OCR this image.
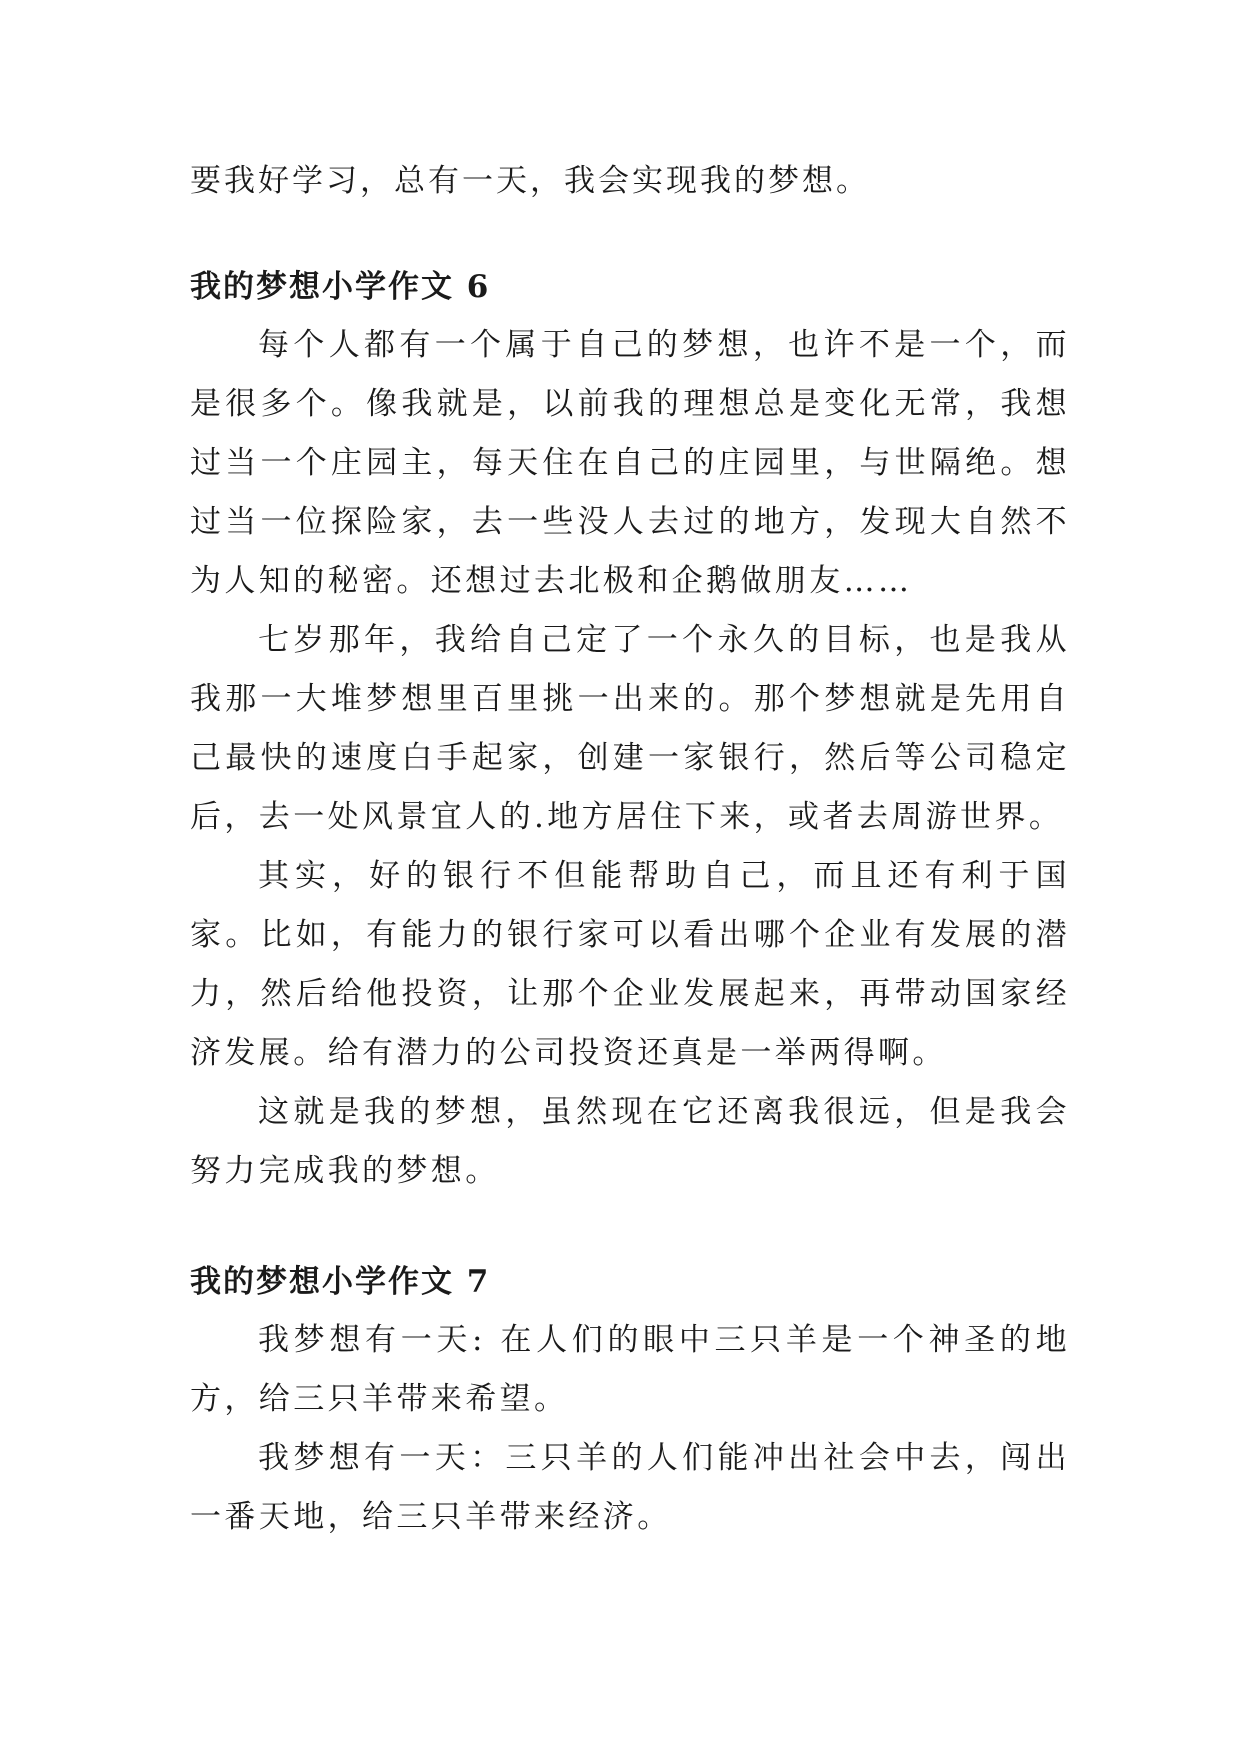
要我好学习，总有一天，我会实现我的梦想。

我的梦想小学作文 6

每个人都有一个属于自己的梦想，也许不是一个，而是很多个。像我就是，以前我的理想总是变化无常，我想过当一个庄园主，每天住在自己的庄园里，与世隔绝。想过当一位探险家，去一些没人去过的地方，发现大自然不为人知的秘密。还想过去北极和企鹅做朋友……

七岁那年，我给自己定了一个永久的目标，也是我从我那一大堆梦想里百里挑一出来的。那个梦想就是先用自己最快的速度白手起家，创建一家银行，然后等公司稳定后，去一处风景宜人的.地方居住下来，或者去周游世界。

其实，好的银行不但能帮助自己，而且还有利于国家。比如，有能力的银行家可以看出哪个企业有发展的潜力，然后给他投资，让那个企业发展起来，再带动国家经济发展。给有潜力的公司投资还真是一举两得啊。

这就是我的梦想，虽然现在它还离我很远，但是我会努力完成我的梦想。

我的梦想小学作文 7

我梦想有一天: 在人们的眼中三只羊是一个神圣的地方，给三只羊带来希望。

我梦想有一天：三只羊的人们能冲出社会中去，闯出一番天地，给三只羊带来经济。
